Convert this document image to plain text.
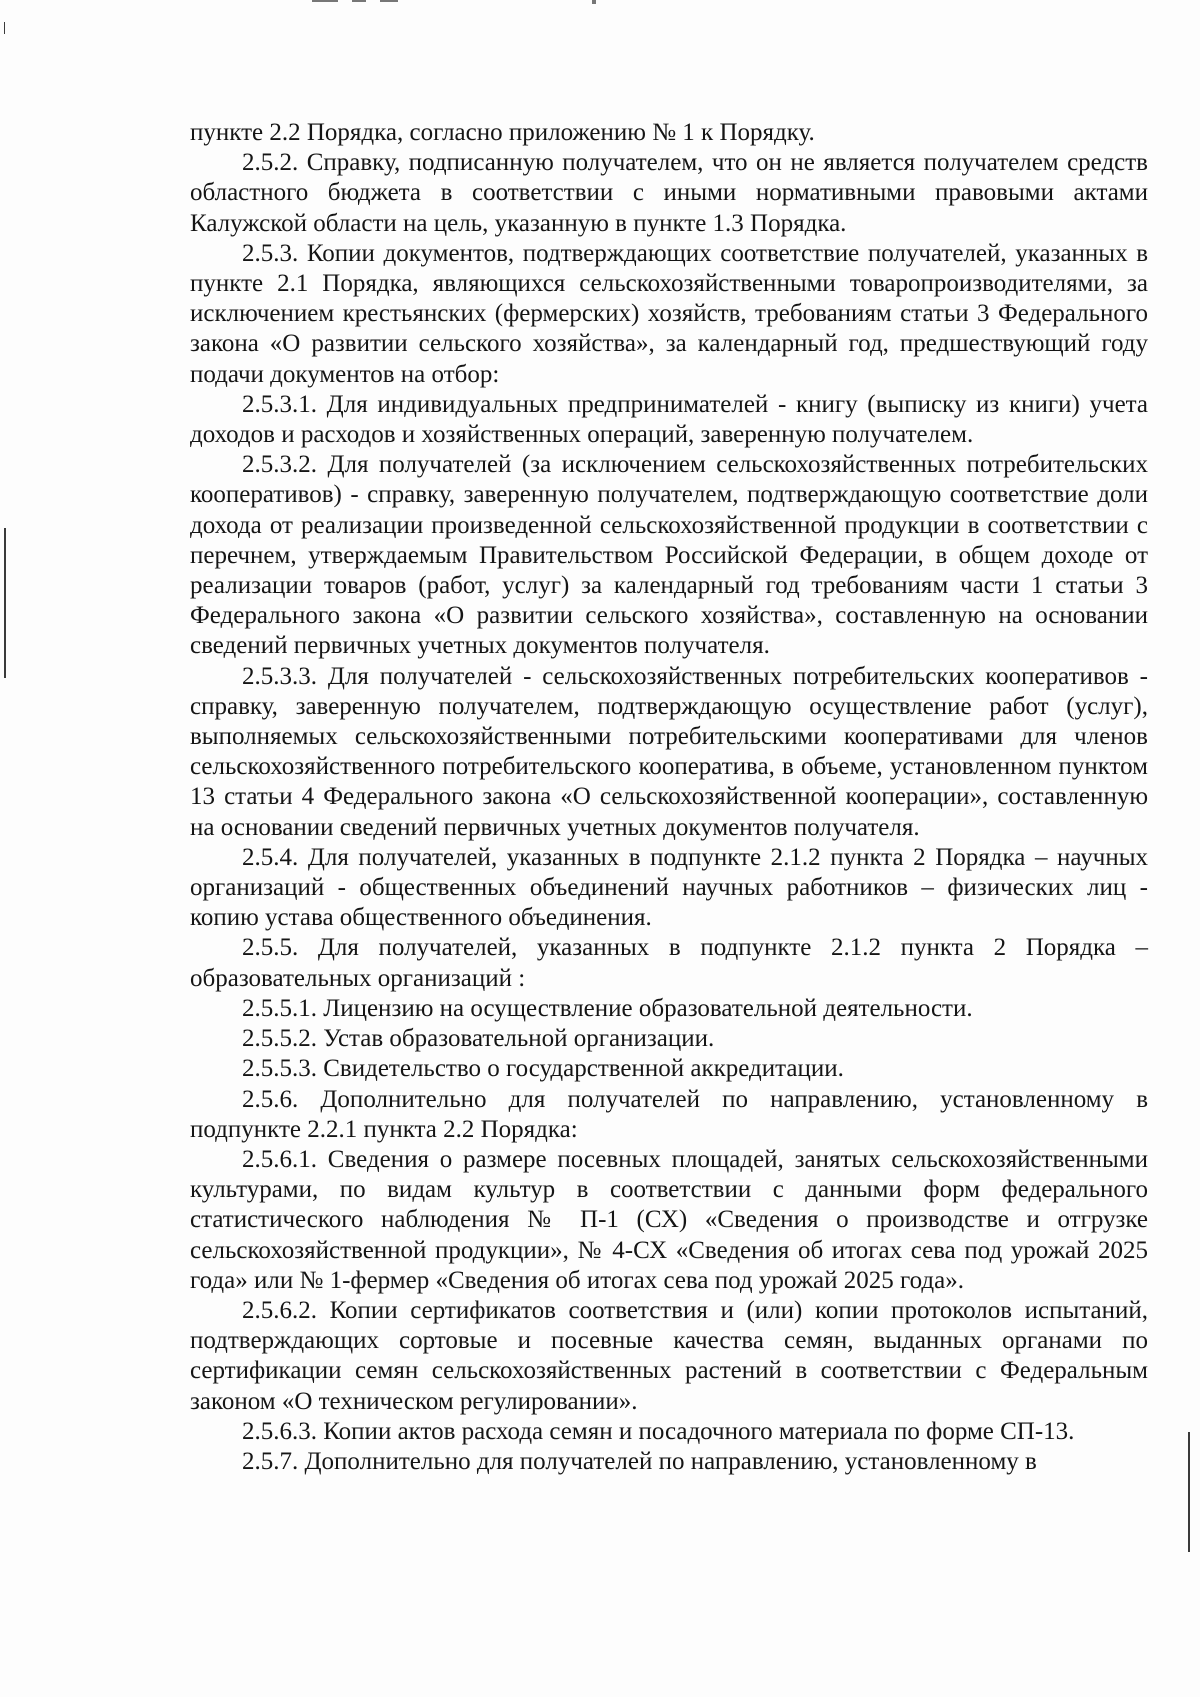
пункте 2.2 Порядка, согласно приложению № 1 к Порядку.

2.5.2. Справку, подписанную получателем, что он не является получателем средств областного бюджета в соответствии с иными нормативными правовыми актами Калужской области на цель, указанную в пункте 1.3 Порядка.

2.5.3. Копии документов, подтверждающих соответствие получателей, указанных в пункте 2.1 Порядка, являющихся сельскохозяйственными товаропроизводителями, за исключением крестьянских (фермерских) хозяйств, требованиям статьи 3 Федерального закона «О развитии сельского хозяйства», за календарный год, предшествующий году подачи документов на отбор:

2.5.3.1. Для индивидуальных предпринимателей - книгу (выписку из книги) учета доходов и расходов и хозяйственных операций, заверенную получателем.

2.5.3.2. Для получателей (за исключением сельскохозяйственных потребительских кооперативов) - справку, заверенную получателем, подтверждающую соответствие доли дохода от реализации произведенной сельскохозяйственной продукции в соответствии с перечнем, утверждаемым Правительством Российской Федерации, в общем доходе от реализации товаров (работ, услуг) за календарный год требованиям части 1 статьи 3 Федерального закона «О развитии сельского хозяйства», составленную на основании сведений первичных учетных документов получателя.

2.5.3.3. Для получателей - сельскохозяйственных потребительских кооперативов - справку, заверенную получателем, подтверждающую осуществление работ (услуг), выполняемых сельскохозяйственными потребительскими кооперативами для членов сельскохозяйственного потребительского кооператива, в объеме, установленном пунктом 13 статьи 4 Федерального закона «О сельскохозяйственной кооперации», составленную на основании сведений первичных учетных документов получателя.

2.5.4. Для получателей, указанных в подпункте 2.1.2 пункта 2 Порядка – научных организаций - общественных объединений научных работников – физических лиц - копию устава общественного объединения.

2.5.5. Для получателей, указанных в подпункте 2.1.2 пункта 2 Порядка – образовательных организаций :

2.5.5.1. Лицензию на осуществление образовательной деятельности.

2.5.5.2. Устав образовательной организации.

2.5.5.3. Свидетельство о государственной аккредитации.

2.5.6. Дополнительно для получателей по направлению, установленному в подпункте 2.2.1 пункта 2.2 Порядка:

2.5.6.1. Сведения о размере посевных площадей, занятых сельскохозяйственными культурами, по видам культур в соответствии с данными форм федерального статистического наблюдения № П-1 (СХ) «Сведения о производстве и отгрузке сельскохозяйственной продукции», № 4-СХ «Сведения об итогах сева под урожай 2025 года» или № 1-фермер «Сведения об итогах сева под урожай 2025 года».

2.5.6.2. Копии сертификатов соответствия и (или) копии протоколов испытаний, подтверждающих сортовые и посевные качества семян, выданных органами по сертификации семян сельскохозяйственных растений в соответствии с Федеральным законом «О техническом регулировании».

2.5.6.3. Копии актов расхода семян и посадочного материала по форме СП-13.

2.5.7. Дополнительно для получателей по направлению, установленному в
